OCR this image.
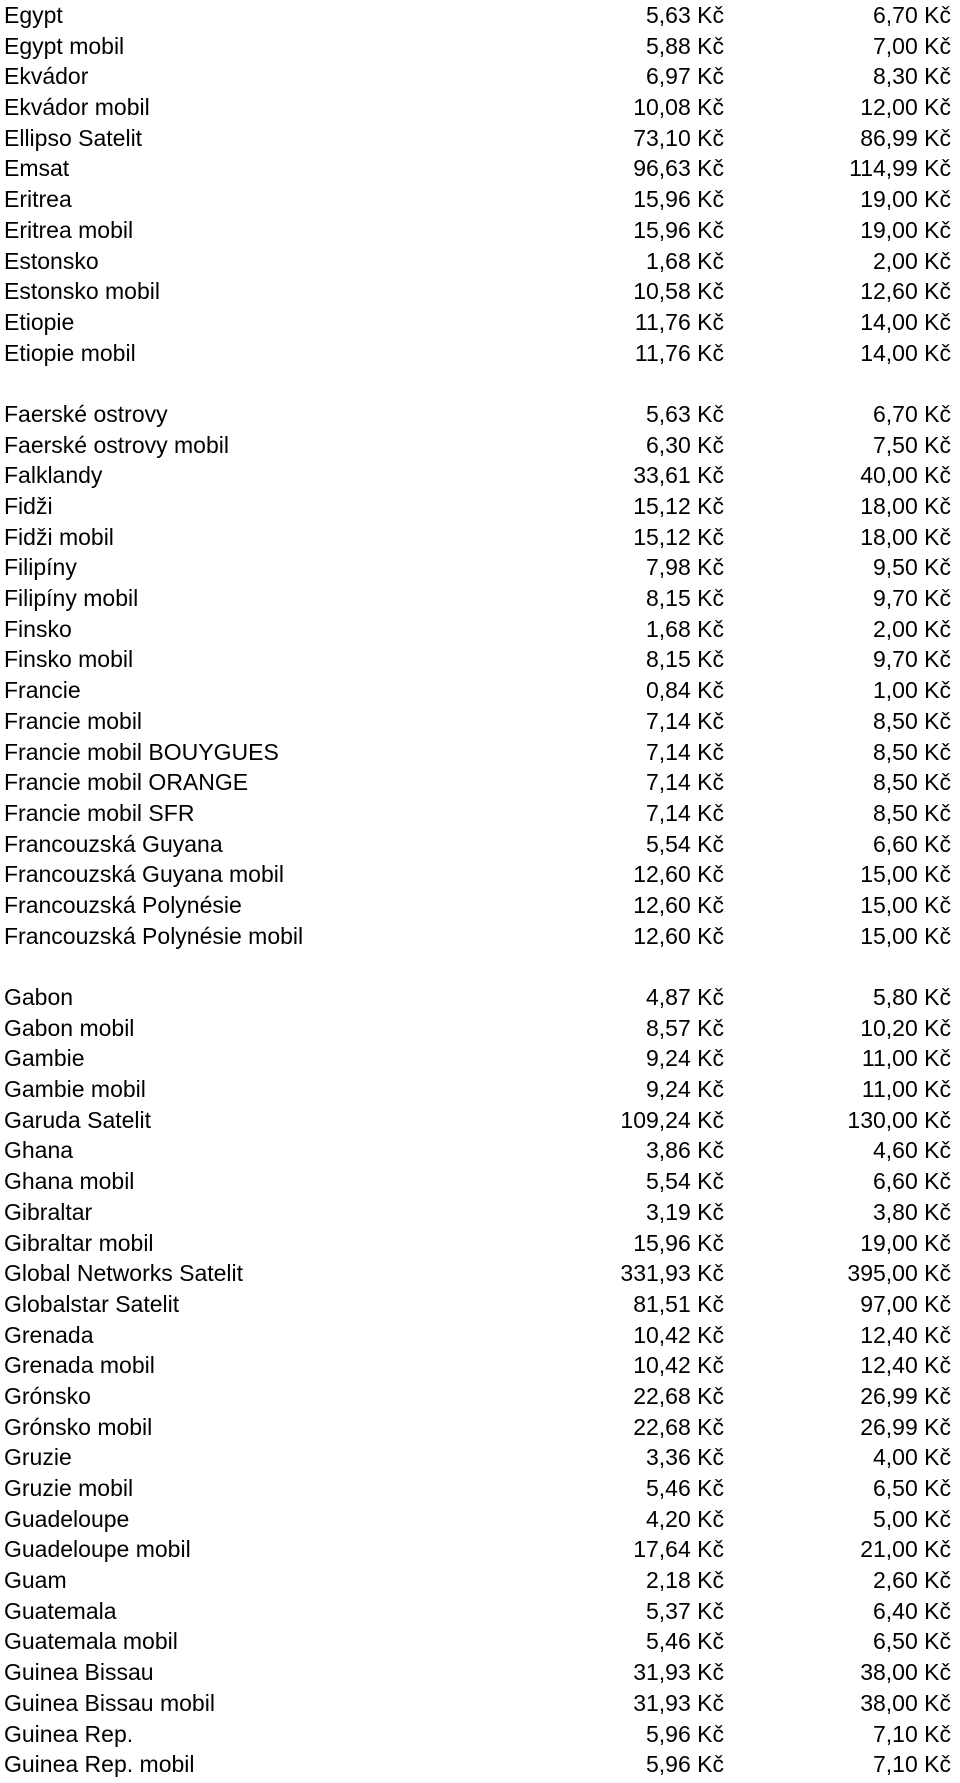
Egypt	5,63 Kč	6,70 Kč
Egypt mobil	5,88 Kč	7,00 Kč
Ekvádor	6,97 Kč	8,30 Kč
Ekvádor mobil	10,08 Kč	12,00 Kč
Ellipso Satelit	73,10 Kč	86,99 Kč
Emsat	96,63 Kč	114,99 Kč
Eritrea	15,96 Kč	19,00 Kč
Eritrea mobil	15,96 Kč	19,00 Kč
Estonsko	1,68 Kč	2,00 Kč
Estonsko mobil	10,58 Kč	12,60 Kč
Etiopie	11,76 Kč	14,00 Kč
Etiopie mobil	11,76 Kč	14,00 Kč
Faerské ostrovy	5,63 Kč	6,70 Kč
Faerské ostrovy mobil	6,30 Kč	7,50 Kč
Falklandy	33,61 Kč	40,00 Kč
Fidži	15,12 Kč	18,00 Kč
Fidži mobil	15,12 Kč	18,00 Kč
Filipíny	7,98 Kč	9,50 Kč
Filipíny mobil	8,15 Kč	9,70 Kč
Finsko	1,68 Kč	2,00 Kč
Finsko mobil	8,15 Kč	9,70 Kč
Francie	0,84 Kč	1,00 Kč
Francie mobil	7,14 Kč	8,50 Kč
Francie mobil BOUYGUES	7,14 Kč	8,50 Kč
Francie mobil ORANGE	7,14 Kč	8,50 Kč
Francie mobil SFR	7,14 Kč	8,50 Kč
Francouzská Guyana	5,54 Kč	6,60 Kč
Francouzská Guyana mobil	12,60 Kč	15,00 Kč
Francouzská Polynésie	12,60 Kč	15,00 Kč
Francouzská Polynésie mobil	12,60 Kč	15,00 Kč
Gabon	4,87 Kč	5,80 Kč
Gabon mobil	8,57 Kč	10,20 Kč
Gambie	9,24 Kč	11,00 Kč
Gambie mobil	9,24 Kč	11,00 Kč
Garuda Satelit	109,24 Kč	130,00 Kč
Ghana	3,86 Kč	4,60 Kč
Ghana mobil	5,54 Kč	6,60 Kč
Gibraltar	3,19 Kč	3,80 Kč
Gibraltar mobil	15,96 Kč	19,00 Kč
Global Networks Satelit	331,93 Kč	395,00 Kč
Globalstar Satelit	81,51 Kč	97,00 Kč
Grenada	10,42 Kč	12,40 Kč
Grenada mobil	10,42 Kč	12,40 Kč
Grónsko	22,68 Kč	26,99 Kč
Grónsko mobil	22,68 Kč	26,99 Kč
Gruzie	3,36 Kč	4,00 Kč
Gruzie mobil	5,46 Kč	6,50 Kč
Guadeloupe	4,20 Kč	5,00 Kč
Guadeloupe mobil	17,64 Kč	21,00 Kč
Guam	2,18 Kč	2,60 Kč
Guatemala	5,37 Kč	6,40 Kč
Guatemala mobil	5,46 Kč	6,50 Kč
Guinea Bissau	31,93 Kč	38,00 Kč
Guinea Bissau mobil	31,93 Kč	38,00 Kč
Guinea Rep.	5,96 Kč	7,10 Kč
Guinea Rep. mobil	5,96 Kč	7,10 Kč
